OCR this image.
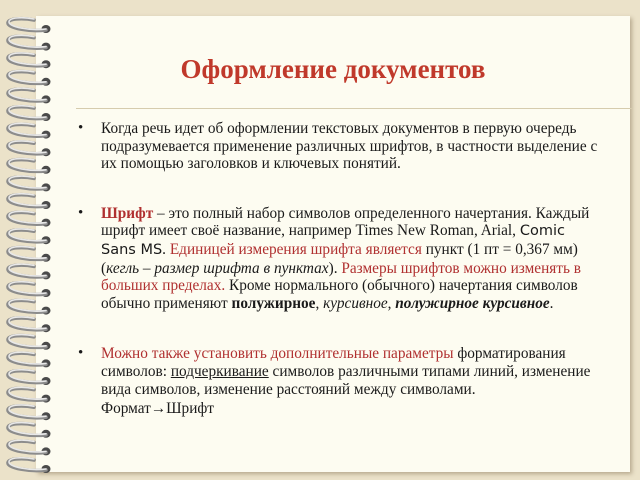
Оформление документов
• Когда речь идет об оформлении текстовых документов в первую очередь подразумевается применение различных шрифтов, в частности выделение с их помощью заголовков и ключевых понятий.
• Шрифт – это полный набор символов определенного начертания. Каждый шрифт имеет своё название, например Times New Roman, Arial, Comic Sans MS. Единицей измерения шрифта является пункт (1 пт = 0,367 мм)(кегль – размер шрифта в пунктах). Размеры шрифтов можно изменять в больших пределах. Кроме нормального (обычного) начертания символов обычно применяют полужирное, курсивное, полужирное курсивное.
• Можно также установить дополнительные параметры форматирования символов: подчеркивание символов различными типами линий, изменение вида символов, изменение расстояний между символами.
Формат→Шрифт
